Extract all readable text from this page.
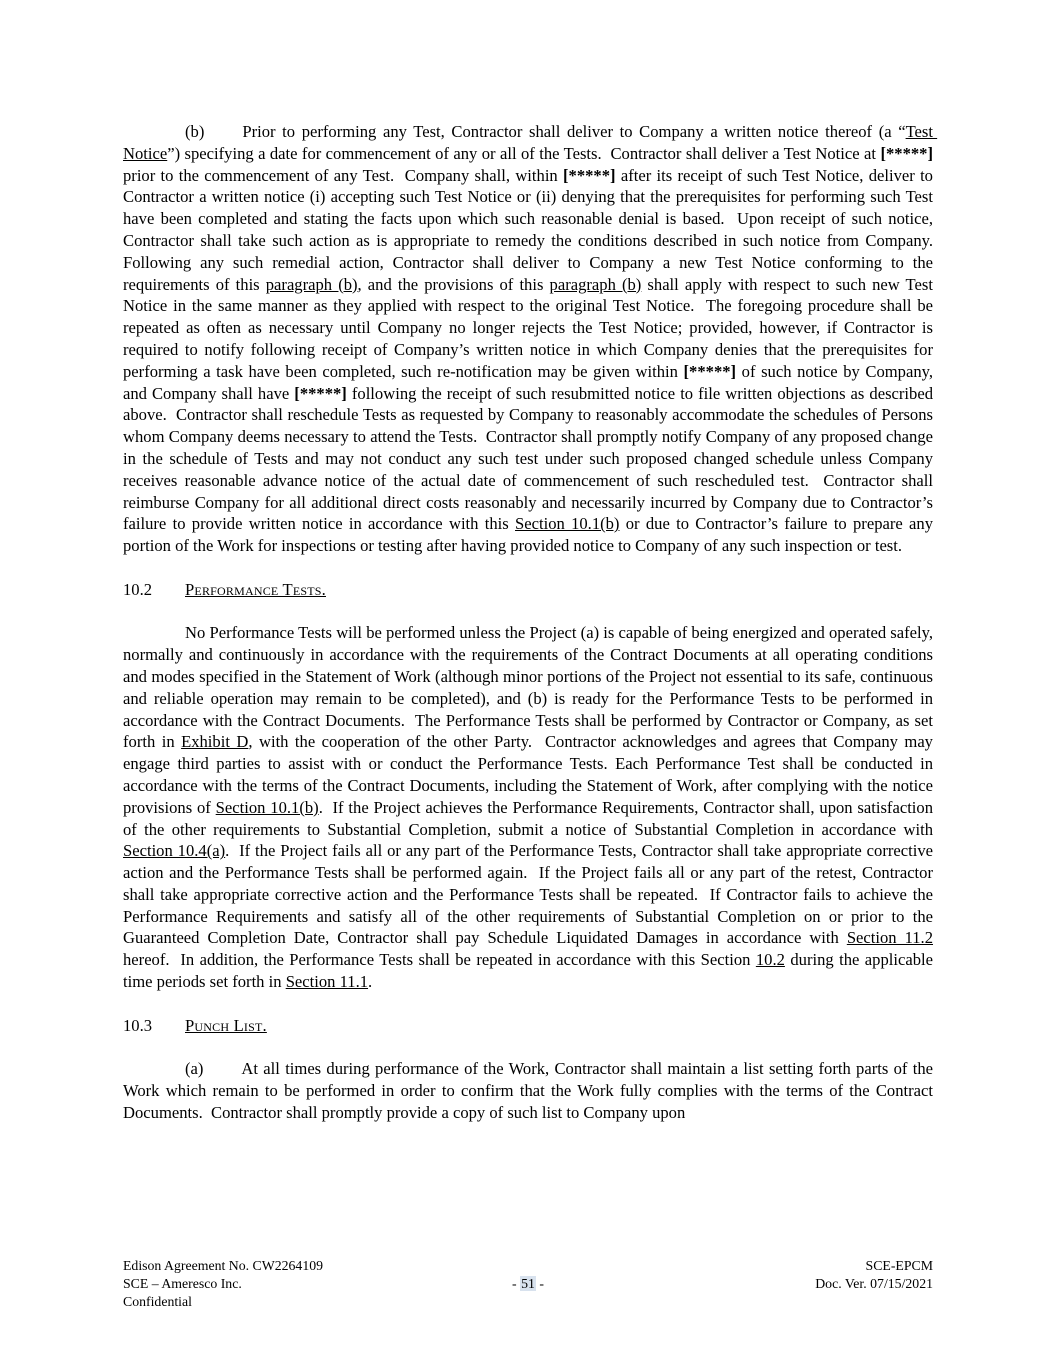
(b) Prior to performing any Test, Contractor shall deliver to Company a written notice thereof (a “Test Notice”) specifying a date for commencement of any or all of the Tests.  Contractor shall deliver a Test Notice at [*****] prior to the commencement of any Test.  Company shall, within [*****] after its receipt of such Test Notice, deliver to Contractor a written notice (i) accepting such Test Notice or (ii) denying that the prerequisites for performing such Test have been completed and stating the facts upon which such reasonable denial is based.  Upon receipt of such notice, Contractor shall take such action as is appropriate to remedy the conditions described in such notice from Company.  Following any such remedial action, Contractor shall deliver to Company a new Test Notice conforming to the requirements of this paragraph (b), and the provisions of this paragraph (b) shall apply with respect to such new Test Notice in the same manner as they applied with respect to the original Test Notice.  The foregoing procedure shall be repeated as often as necessary until Company no longer rejects the Test Notice; provided, however, if Contractor is required to notify following receipt of Company’s written notice in which Company denies that the prerequisites for performing a task have been completed, such re-notification may be given within [*****] of such notice by Company, and Company shall have [*****] following the receipt of such resubmitted notice to file written objections as described above.  Contractor shall reschedule Tests as requested by Company to reasonably accommodate the schedules of Persons whom Company deems necessary to attend the Tests.  Contractor shall promptly notify Company of any proposed change in the schedule of Tests and may not conduct any such test under such proposed changed schedule unless Company receives reasonable advance notice of the actual date of commencement of such rescheduled test.  Contractor shall reimburse Company for all additional direct costs reasonably and necessarily incurred by Company due to Contractor’s failure to provide written notice in accordance with this Section 10.1(b) or due to Contractor’s failure to prepare any portion of the Work for inspections or testing after having provided notice to Company of any such inspection or test.

10.2 Performance Tests.

No Performance Tests will be performed unless the Project (a) is capable of being energized and operated safely, normally and continuously in accordance with the requirements of the Contract Documents at all operating conditions and modes specified in the Statement of Work (although minor portions of the Project not essential to its safe, continuous and reliable operation may remain to be completed), and (b) is ready for the Performance Tests to be performed in accordance with the Contract Documents.  The Performance Tests shall be performed by Contractor or Company, as set forth in Exhibit D, with the cooperation of the other Party.  Contractor acknowledges and agrees that Company may engage third parties to assist with or conduct the Performance Tests. Each Performance Test shall be conducted in accordance with the terms of the Contract Documents, including the Statement of Work, after complying with the notice provisions of Section 10.1(b).  If the Project achieves the Performance Requirements, Contractor shall, upon satisfaction of the other requirements to Substantial Completion, submit a notice of Substantial Completion in accordance with Section 10.4(a).  If the Project fails all or any part of the Performance Tests, Contractor shall take appropriate corrective action and the Performance Tests shall be performed again.  If the Project fails all or any part of the retest, Contractor shall take appropriate corrective action and the Performance Tests shall be repeated.  If Contractor fails to achieve the Performance Requirements and satisfy all of the other requirements of Substantial Completion on or prior to the Guaranteed Completion Date, Contractor shall pay Schedule Liquidated Damages in accordance with Section 11.2 hereof.  In addition, the Performance Tests shall be repeated in accordance with this Section 10.2 during the applicable time periods set forth in Section 11.1.

10.3 Punch List.

(a) At all times during performance of the Work, Contractor shall maintain a list setting forth parts of the Work which remain to be performed in order to confirm that the Work fully complies with the terms of the Contract Documents.  Contractor shall promptly provide a copy of such list to Company upon

Edison Agreement No. CW2264109
SCE – Ameresco Inc.
Confidential
- 51 -
SCE-EPCM
Doc. Ver. 07/15/2021
